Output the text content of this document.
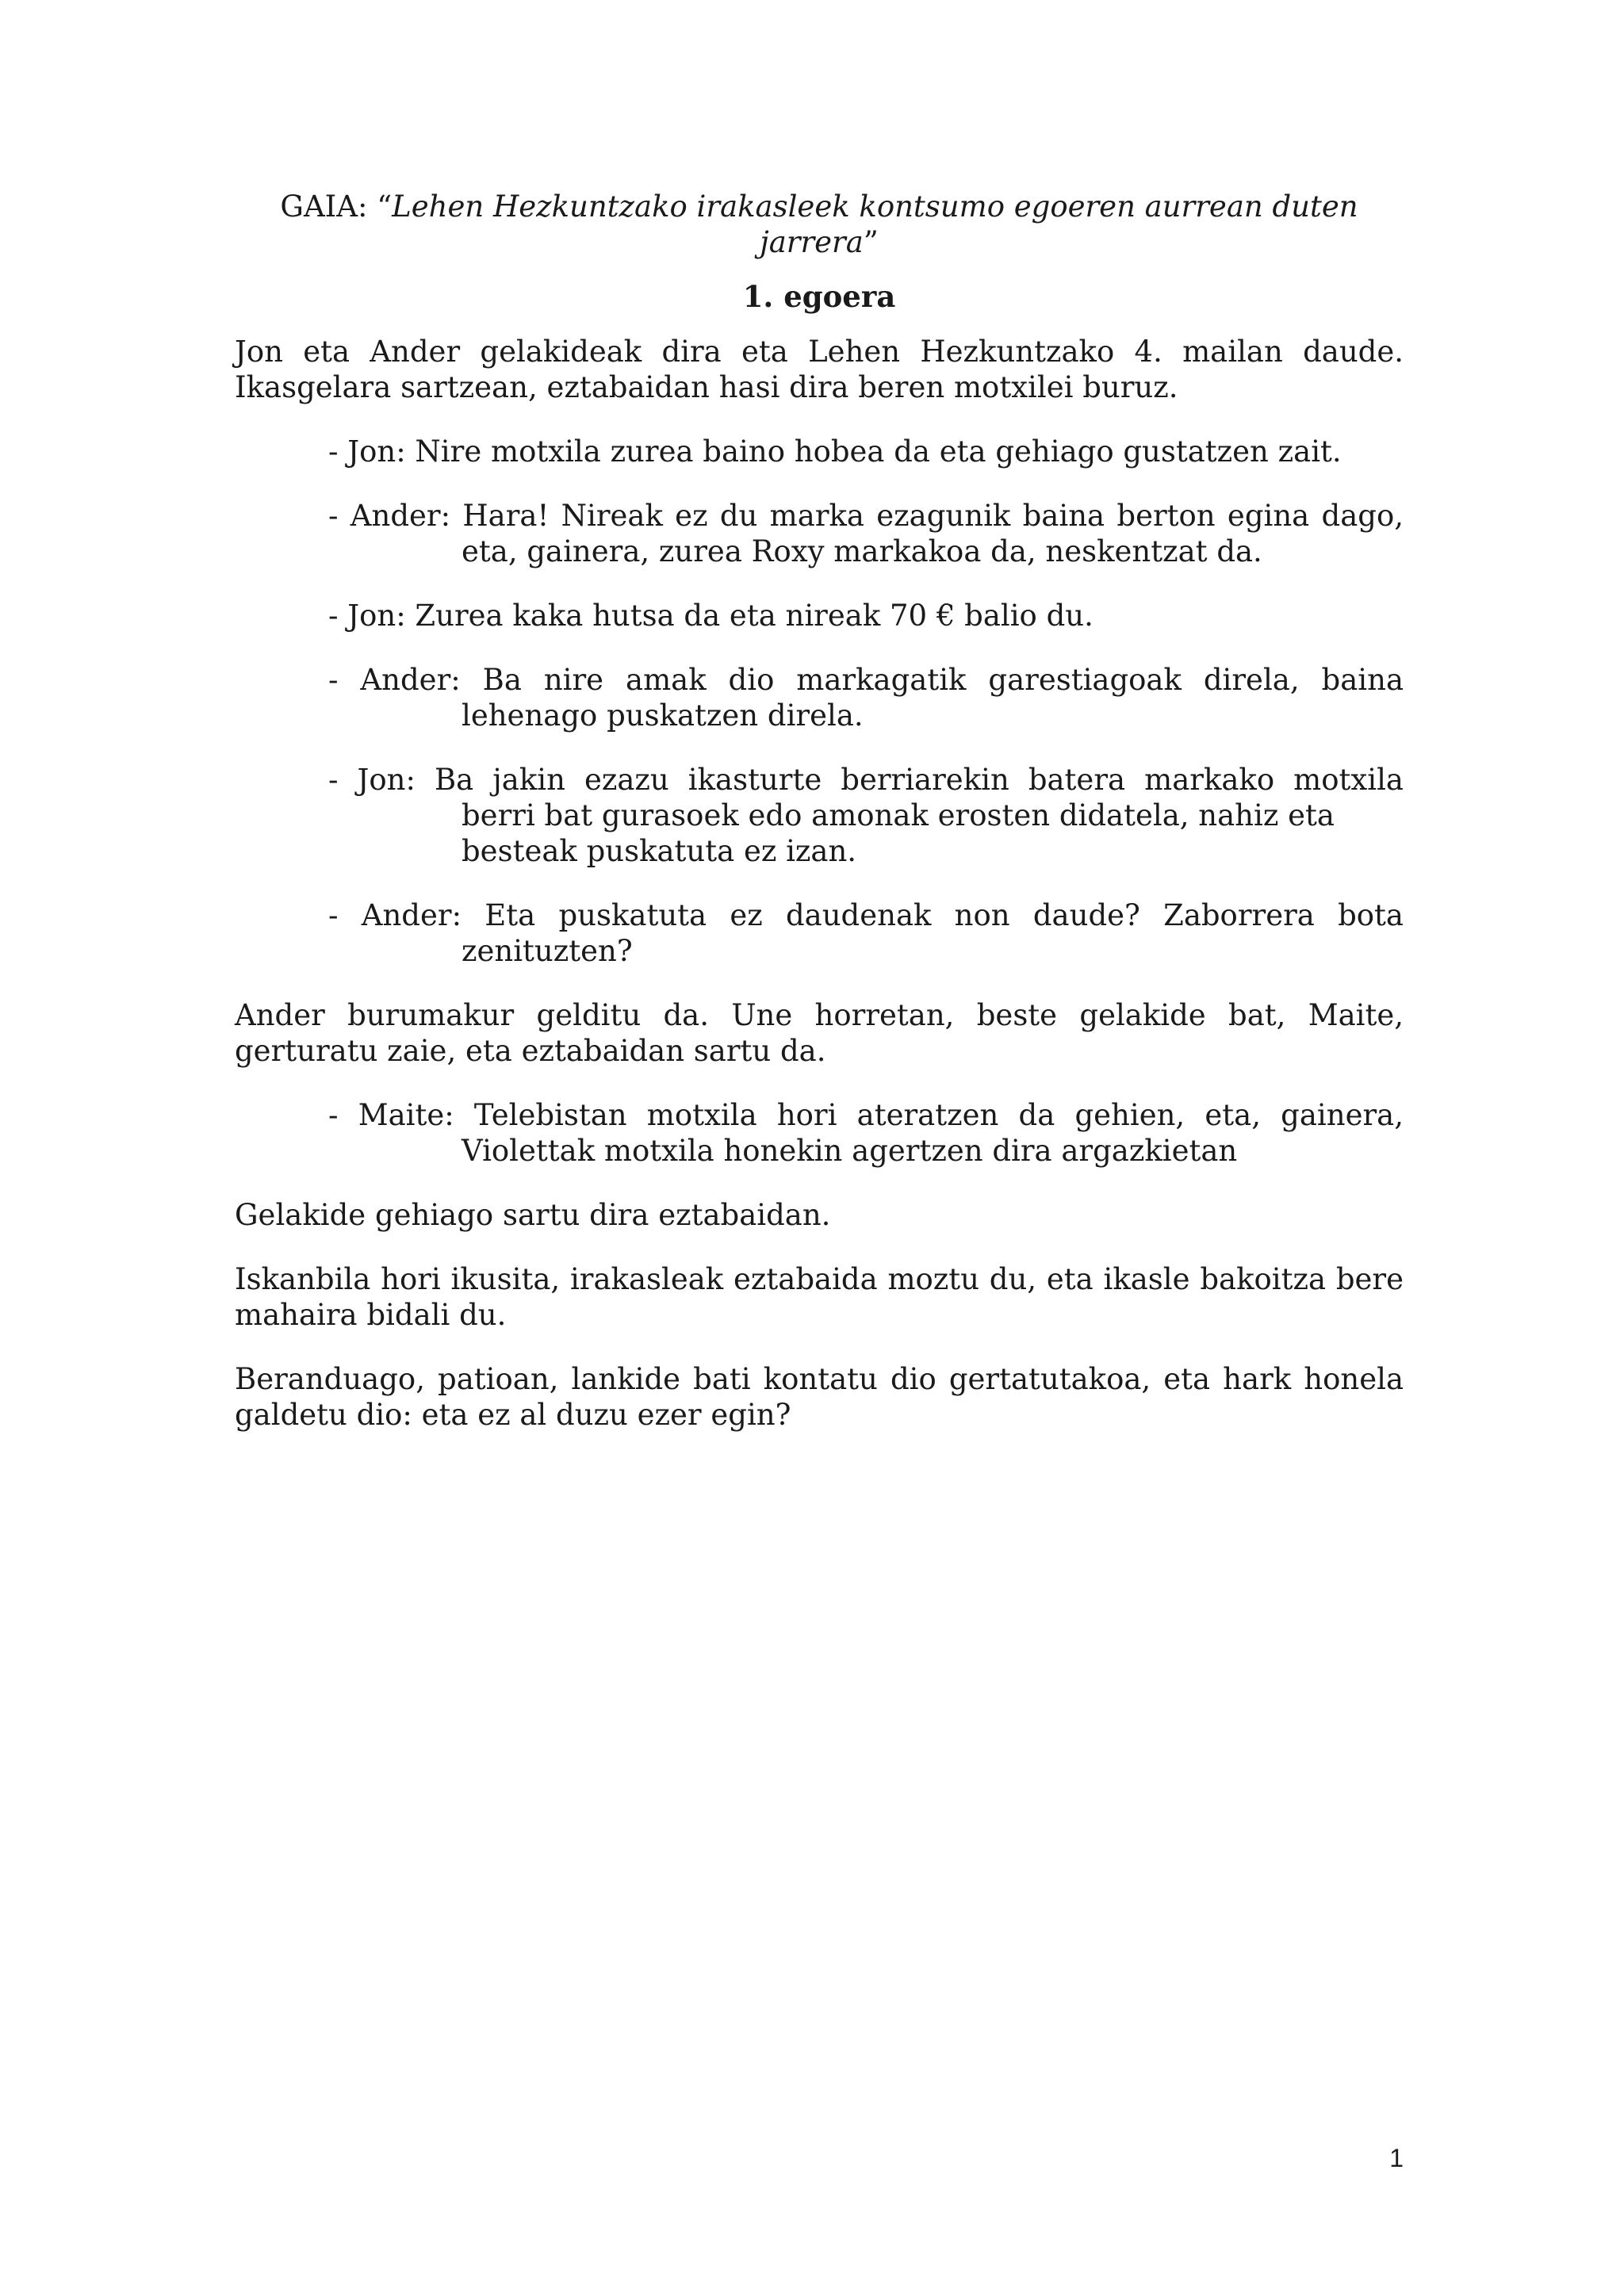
GAIA: “Lehen Hezkuntzako irakasleek kontsumo egoeren aurrean duten
jarrera”
1. egoera
Jon eta Ander gelakideak dira eta Lehen Hezkuntzako 4. mailan daude. Ikasgelara sartzean, eztabaidan hasi dira beren motxilei buruz.
- Jon: Nire motxila zurea baino hobea da eta gehiago gustatzen zait.
- Ander: Hara! Nireak ez du marka ezagunik baina berton egina dago,
eta, gainera, zurea Roxy markakoa da, neskentzat da.
- Jon: Zurea kaka hutsa da eta nireak 70 € balio du.
- Ander: Ba nire amak dio markagatik garestiagoak direla, baina
lehenago puskatzen direla.
- Jon: Ba jakin ezazu ikasturte berriarekin batera markako motxila
berri bat gurasoek edo amonak erosten didatela, nahiz eta
besteak puskatuta ez izan.
- Ander: Eta puskatuta ez daudenak non daude? Zaborrera bota
zenituzten?
Ander burumakur gelditu da. Une horretan, beste gelakide bat, Maite, gerturatu zaie, eta eztabaidan sartu da.
- Maite: Telebistan motxila hori ateratzen da gehien, eta, gainera,
Violettak motxila honekin agertzen dira argazkietan
Gelakide gehiago sartu dira eztabaidan.
Iskanbila hori ikusita, irakasleak eztabaida moztu du, eta ikasle bakoitza bere mahaira bidali du.
Beranduago, patioan, lankide bati kontatu dio gertatutakoa, eta hark honela galdetu dio: eta ez al duzu ezer egin?
1
